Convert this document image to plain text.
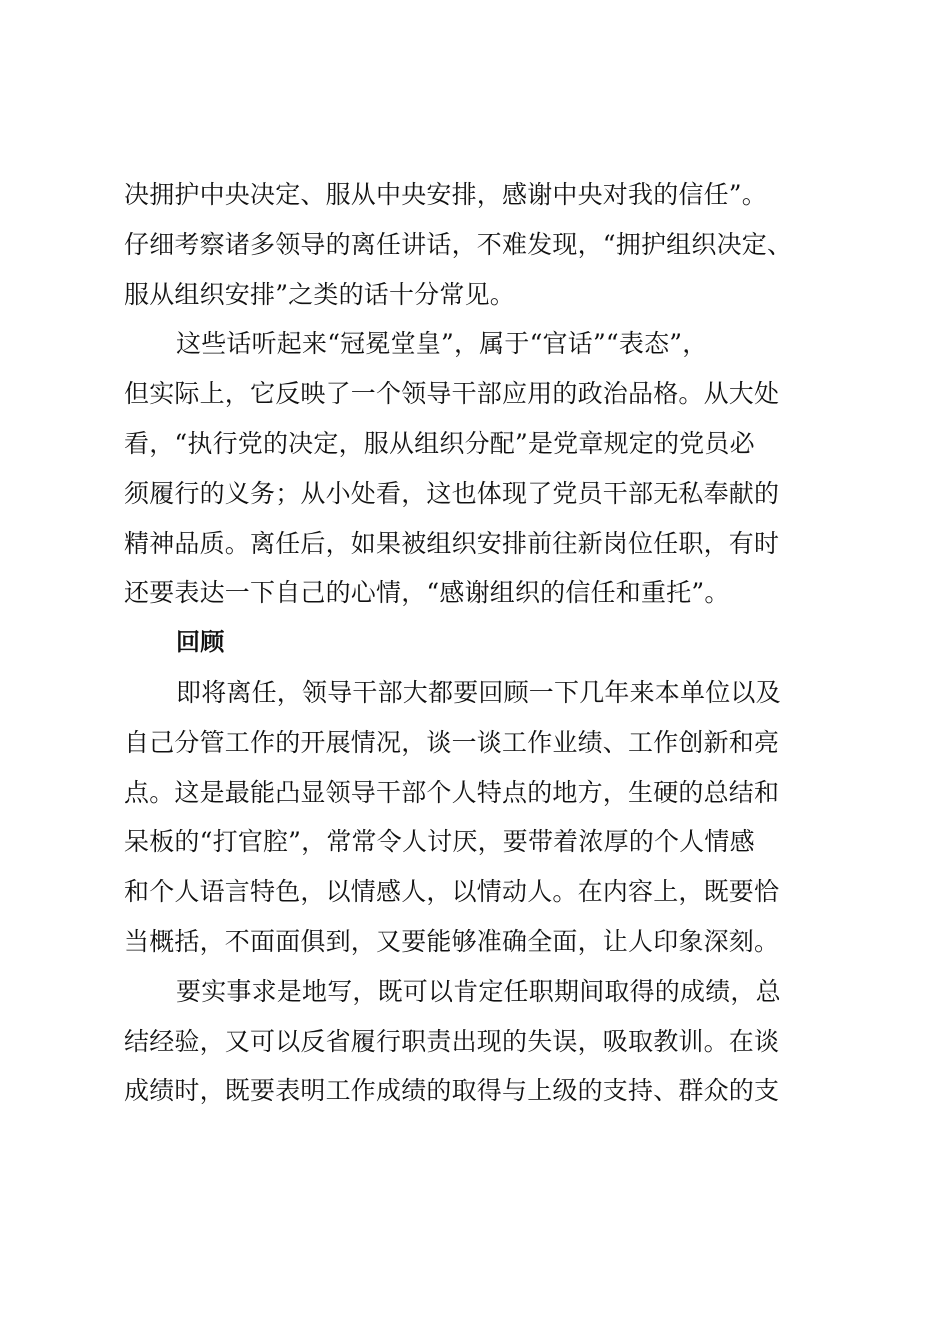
决拥护中央决定、服从中央安排，感谢中央对我的信任”。
仔细考察诸多领导的离任讲话，不难发现，“拥护组织决定、
服从组织安排”之类的话十分常见。
这些话听起来“冠冕堂皇”，属于“官话”“表态”，
但实际上，它反映了一个领导干部应用的政治品格。从大处
看，“执行党的决定，服从组织分配”是党章规定的党员必
须履行的义务；从小处看，这也体现了党员干部无私奉献的
精神品质。离任后，如果被组织安排前往新岗位任职，有时
还要表达一下自己的心情，“感谢组织的信任和重托”。
回顾
即将离任，领导干部大都要回顾一下几年来本单位以及
自己分管工作的开展情况，谈一谈工作业绩、工作创新和亮
点。这是最能凸显领导干部个人特点的地方，生硬的总结和
呆板的“打官腔”，常常令人讨厌，要带着浓厚的个人情感
和个人语言特色，以情感人，以情动人。在内容上，既要恰
当概括，不面面俱到，又要能够准确全面，让人印象深刻。
要实事求是地写，既可以肯定任职期间取得的成绩，总
结经验，又可以反省履行职责出现的失误，吸取教训。在谈
成绩时，既要表明工作成绩的取得与上级的支持、群众的支
